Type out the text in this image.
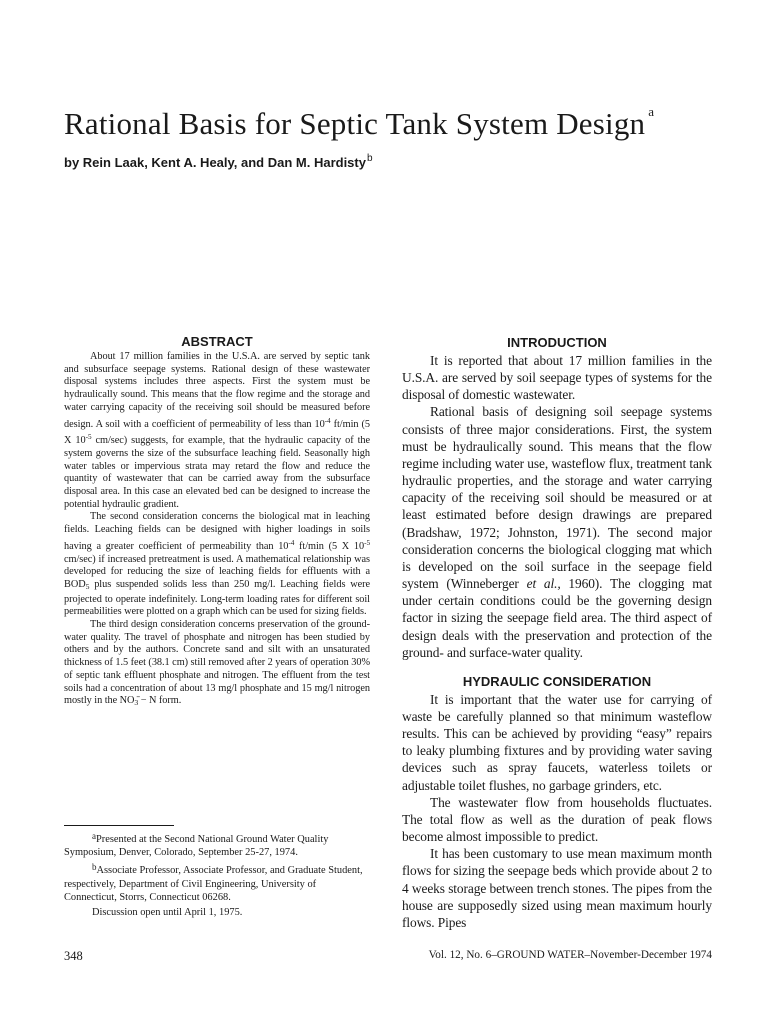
Rational Basis for Septic Tank System Design $^a$
by Rein Laak, Kent A. Healy, and Dan M. Hardisty$^b$
ABSTRACT

About 17 million families in the U.S.A. are served by septic tank and subsurface seepage systems. Rational design of these wastewater disposal systems includes three aspects. First the system must be hydraulically sound. This means that the flow regime and the storage and water carrying capacity of the receiving soil should be measured before design. A soil with a coefficient of permeability of less than $10^{-4}$ ft/min (5 X $10^{-5}$ cm/sec) suggests, for example, that the hydraulic capacity of the system governs the size of the subsurface leaching field. Seasonally high water tables or impervious strata may retard the flow and reduce the quantity of wastewater that can be carried away from the subsurface disposal area. In this case an elevated bed can be designed to increase the potential hydraulic gradient.

The second consideration concerns the biological mat in leaching fields. Leaching fields can be designed with higher loadings in soils having a greater coefficient of permeability than $10^{-4}$ ft/min (5 X $10^{-5}$ cm/sec) if increased pretreatment is used. A mathematical relationship was developed for reducing the size of leaching fields for effluents with a $BOD_5$ plus suspended solids less than 250 mg/l. Leaching fields were projected to operate indefinitely. Long-term loading rates for different soil permeabilities were plotted on a graph which can be used for sizing fields.

The third design consideration concerns preservation of the ground-water quality. The travel of phosphate and nitrogen has been studied by others and by the authors. Concrete sand and silt with an unsaturated thickness of 1.5 feet (38.1 cm) still removed after 2 years of operation 30% of septic tank effluent phosphate and nitrogen. The effluent from the test soils had a concentration of about 13 mg/l phosphate and 15 mg/l nitrogen mostly in the $NO_3̄ - N$ form.

aPresented at the Second National Ground Water Quality Symposium, Denver, Colorado, September 25-27, 1974.

bAssociate Professor, Associate Professor, and Graduate Student, respectively, Department of Civil Engineering, University of Connecticut, Storrs, Connecticut 06268.

Discussion open until April 1, 1975.

INTRODUCTION

It is reported that about 17 million families in the U.S.A. are served by soil seepage types of systems for the disposal of domestic wastewater.

Rational basis of designing soil seepage systems consists of three major considerations. First, the system must be hydraulically sound. This means that the flow regime including water use, wasteflow flux, treatment tank hydraulic properties, and the storage and water carrying capacity of the receiving soil should be measured or at least estimated before design drawings are prepared (Bradshaw, 1972; Johnston, 1971). The second major consideration concerns the biological clogging mat which is developed on the soil surface in the seepage field system (Winneberger et al., 1960). The clogging mat under certain conditions could be the governing design factor in sizing the seepage field area. The third aspect of design deals with the preservation and protection of the ground- and surface-water quality.

HYDRAULIC CONSIDERATION

It is important that the water use for carrying of waste be carefully planned so that minimum wasteflow results. This can be achieved by providing “easy” repairs to leaky plumbing fixtures and by providing water saving devices such as spray faucets, waterless toilets or adjustable toilet flushes, no garbage grinders, etc.

The wastewater flow from households fluctuates. The total flow as well as the duration of peak flows become almost impossible to predict.

It has been customary to use mean maximum month flows for sizing the seepage beds which provide about 2 to 4 weeks storage between trench stones. The pipes from the house are supposedly sized using mean maximum hourly flows. Pipes

348	Vol. 12, No. 6–GROUND WATER–November-December 1974
